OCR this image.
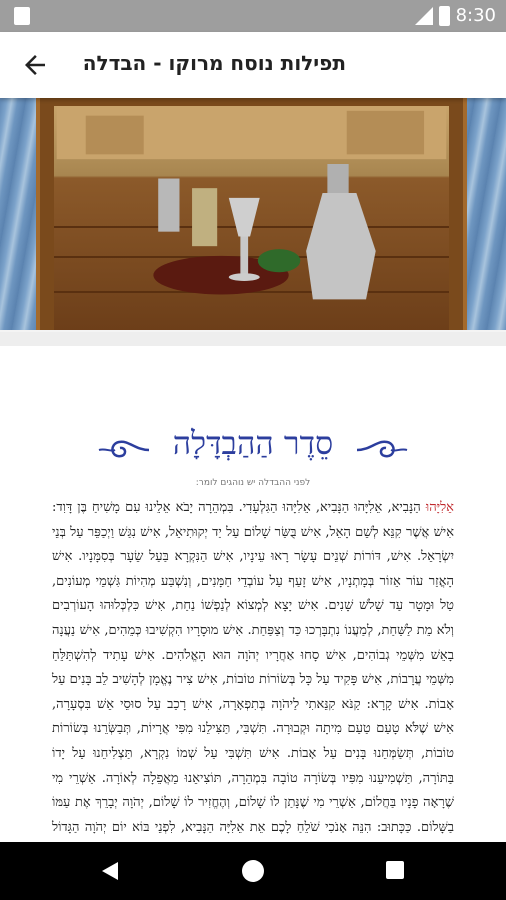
8:30
תפילות נוסח מרוקו - הבדלה
סֵדֶר הַהַבְדָּלָה
לפני ההבדלה יש נוהגים לומר:
אֵלִיָּהוּ הַנָּבִיא, אֵלִיָּהוּ הַנָּבִיא, אֵלִיָּהוּ הַגִּלְעָדִי. בִּמְהֵרָה יָבֹא אֵלֵינוּ עִם מָשִׁיחַ בֶּן דָּוִד: אִישׁ אֲשֶׁר קִנֵּא לְשֵׁם הָאֵל, אִישׁ בֻּשַּׂר שָׁלוֹם עַל יַד יְקוּתִיאֵל, אִישׁ נִגַּשׁ וַיְכַפֵּר עַל בְּנֵי יִשְׂרָאֵל. אִישׁ, דּוֹרוֹת שְׁנֵים עָשָׂר רָאוּ עֵינָיו, אִישׁ הַנִּקְרָא בַּעַל שֵׂעָר בְּסִמָּנָיו. אִישׁ הָאֳזַר עוֹר אֵזוֹר בְּמָתְנָיו, אִישׁ זָעַף עַל עוֹבְדֵי חַמָּנִים, וְנִשְׁבַּע מְהִיוֹת גִּשְׁמֵי מְעוֹנִים, טַל וּמָטָר עַד שָׁלֹשׁ שָׁנִים. אִישׁ יָצָא לְמְצוֹא לְנַפְשׁוֹ נַחַת, אִישׁ כִּלְכְּלוּהוּ הָעוֹרְבִים וְלֹא מֵת לַשַּׁחַת, לְמַעֲנוֹ נִתְבָּרְכוּ כַּד וְצַפַּחַת. אִישׁ מוּסָרָיו הִקְשִׁיבוּ כְּמֵהִים, אִישׁ נַעֲנָה בָאֵשׁ מִשְּׁמֵי גְבוֹהִים, אִישׁ סָחוּ אַחֲרָיו יְהֹוָה הוּא הָאֱלֹהִים. אִישׁ עָתִיד לְהִשְׁתַּלֵּחַ מִשְּׁמֵי עֲרָבוֹת, אִישׁ פָּקִיד עַל כָּל בְּשׂוֹרוֹת טוֹבוֹת, אִישׁ צִיר נֶאֱמָן לְהָשִׁיב לֵב בָּנִים עַל אָבוֹת. אִישׁ קָרָא: קַנֹּא קִנֵּאתִי לַיהֹוָה בְּתִפְאָרָה, אִישׁ רָכַב עַל סוּסֵי אֵשׁ בִּסְעָרָה, אִישׁ שֶׁלֹּא טָעַם טַעַם מִיתָה וּקְבוּרָה. תִּשְׁבִּי, תַּצִּילֵנוּ מִפִּי אֲרָיוֹת, תְּבַשְּׂרֵנוּ בְּשׂוֹרוֹת טוֹבוֹת, תְּשַׂמְּחֵנוּ בָּנִים עַל אָבוֹת. אִישׁ תִּשְׁבִּי עַל שְׁמוֹ נִקְרָא, תַּצְלִיחֵנוּ עַל יָדוֹ בַּתּוֹרָה, תַּשְׁמִיעֵנוּ מִפִּיו בְּשׂוֹרָה טוֹבָה בִּמְהֵרָה, תּוֹצִיאֵנוּ מֵאֲפֵלָה לְאוֹרָה. אַשְׁרֵי מִי שֶׁרָאָה פָנָיו בַּחֲלוֹם, אַשְׁרֵי מִי שֶׁנָּתַן לוֹ שָׁלוֹם, וְהֶחֱזִיר לוֹ שָׁלוֹם, יְהֹוָה יְבָרֵךְ אֶת עַמּוֹ בַשָּׁלוֹם. כַּכָּתוּב: הִנֵּה אָנֹכִי שֹׁלֵחַ לָכֶם אֵת אֵלִיָּה הַנָּבִיא, לִפְנֵי בּוֹא יוֹם יְהֹוָה הַגָּדוֹל
